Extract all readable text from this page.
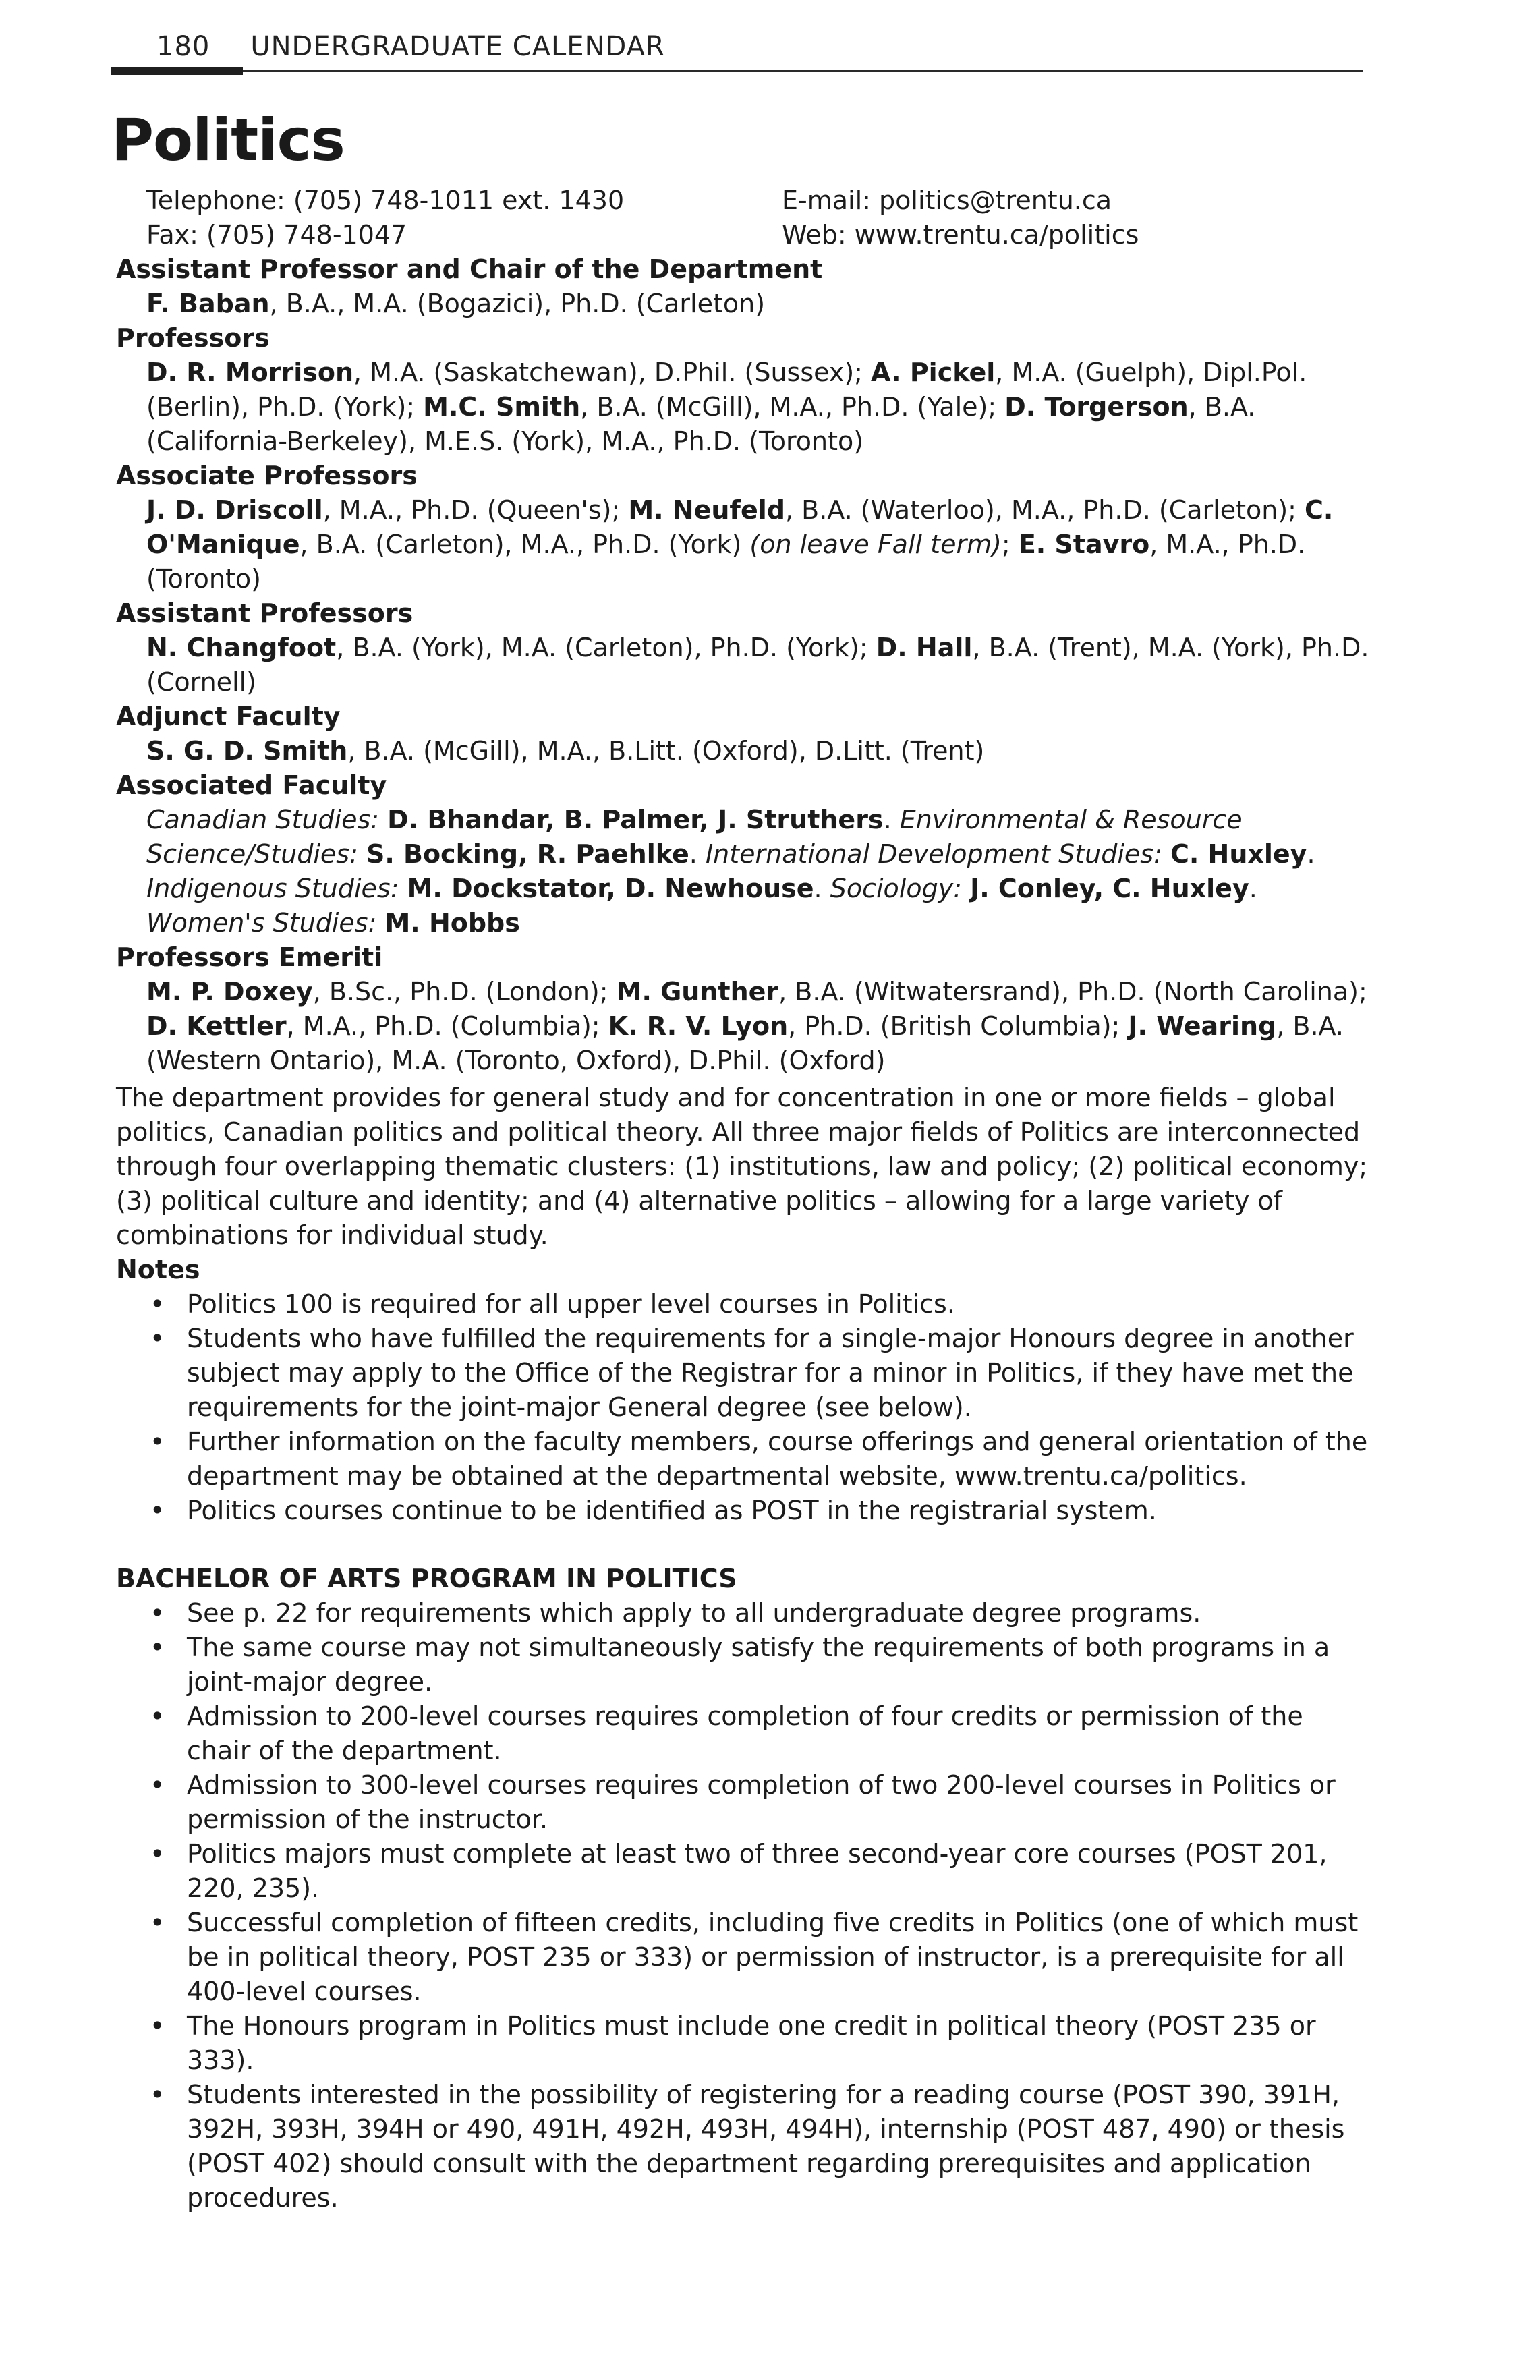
180 UNDERGRADUATE CALENDAR
Politics
Telephone: (705) 748-1011 ext. 1430	E-mail: politics@trentu.ca
Fax: (705) 748-1047	Web: www.trentu.ca/politics
Assistant Professor and Chair of the Department
F. Baban, B.A., M.A. (Bogazici), Ph.D. (Carleton)
Professors
D. R. Morrison, M.A. (Saskatchewan), D.Phil. (Sussex); A. Pickel, M.A. (Guelph), Dipl.Pol. (Berlin), Ph.D. (York); M.C. Smith, B.A. (McGill), M.A., Ph.D. (Yale); D. Torgerson, B.A. (California-Berkeley), M.E.S. (York), M.A., Ph.D. (Toronto)
Associate Professors
J. D. Driscoll, M.A., Ph.D. (Queen's); M. Neufeld, B.A. (Waterloo), M.A., Ph.D. (Carleton); C. O'Manique, B.A. (Carleton), M.A., Ph.D. (York) (on leave Fall term); E. Stavro, M.A., Ph.D. (Toronto)
Assistant Professors
N. Changfoot, B.A. (York), M.A. (Carleton), Ph.D. (York); D. Hall, B.A. (Trent), M.A. (York), Ph.D. (Cornell)
Adjunct Faculty
S. G. D. Smith, B.A. (McGill), M.A., B.Litt. (Oxford), D.Litt. (Trent)
Associated Faculty
Canadian Studies: D. Bhandar, B. Palmer, J. Struthers. Environmental & Resource Science/Studies: S. Bocking, R. Paehlke. International Development Studies: C. Huxley. Indigenous Studies: M. Dockstator, D. Newhouse. Sociology: J. Conley, C. Huxley. Women's Studies: M. Hobbs
Professors Emeriti
M. P. Doxey, B.Sc., Ph.D. (London); M. Gunther, B.A. (Witwatersrand), Ph.D. (North Carolina); D. Kettler, M.A., Ph.D. (Columbia); K. R. V. Lyon, Ph.D. (British Columbia); J. Wearing, B.A. (Western Ontario), M.A. (Toronto, Oxford), D.Phil. (Oxford)
The department provides for general study and for concentration in one or more fields – global politics, Canadian politics and political theory. All three major fields of Politics are interconnected through four overlapping thematic clusters: (1) institutions, law and policy; (2) political economy; (3) political culture and identity; and (4) alternative politics – allowing for a large variety of combinations for individual study.
Notes
• Politics 100 is required for all upper level courses in Politics.
• Students who have fulfilled the requirements for a single-major Honours degree in another subject may apply to the Office of the Registrar for a minor in Politics, if they have met the requirements for the joint-major General degree (see below).
• Further information on the faculty members, course offerings and general orientation of the department may be obtained at the departmental website, www.trentu.ca/politics.
• Politics courses continue to be identified as POST in the registrarial system.
BACHELOR OF ARTS PROGRAM IN POLITICS
• See p. 22 for requirements which apply to all undergraduate degree programs.
• The same course may not simultaneously satisfy the requirements of both programs in a joint-major degree.
• Admission to 200-level courses requires completion of four credits or permission of the chair of the department.
• Admission to 300-level courses requires completion of two 200-level courses in Politics or permission of the instructor.
• Politics majors must complete at least two of three second-year core courses (POST 201, 220, 235).
• Successful completion of fifteen credits, including five credits in Politics (one of which must be in political theory, POST 235 or 333) or permission of instructor, is a prerequisite for all 400-level courses.
• The Honours program in Politics must include one credit in political theory (POST 235 or 333).
• Students interested in the possibility of registering for a reading course (POST 390, 391H, 392H, 393H, 394H or 490, 491H, 492H, 493H, 494H), internship (POST 487, 490) or thesis (POST 402) should consult with the department regarding prerequisites and application procedures.
